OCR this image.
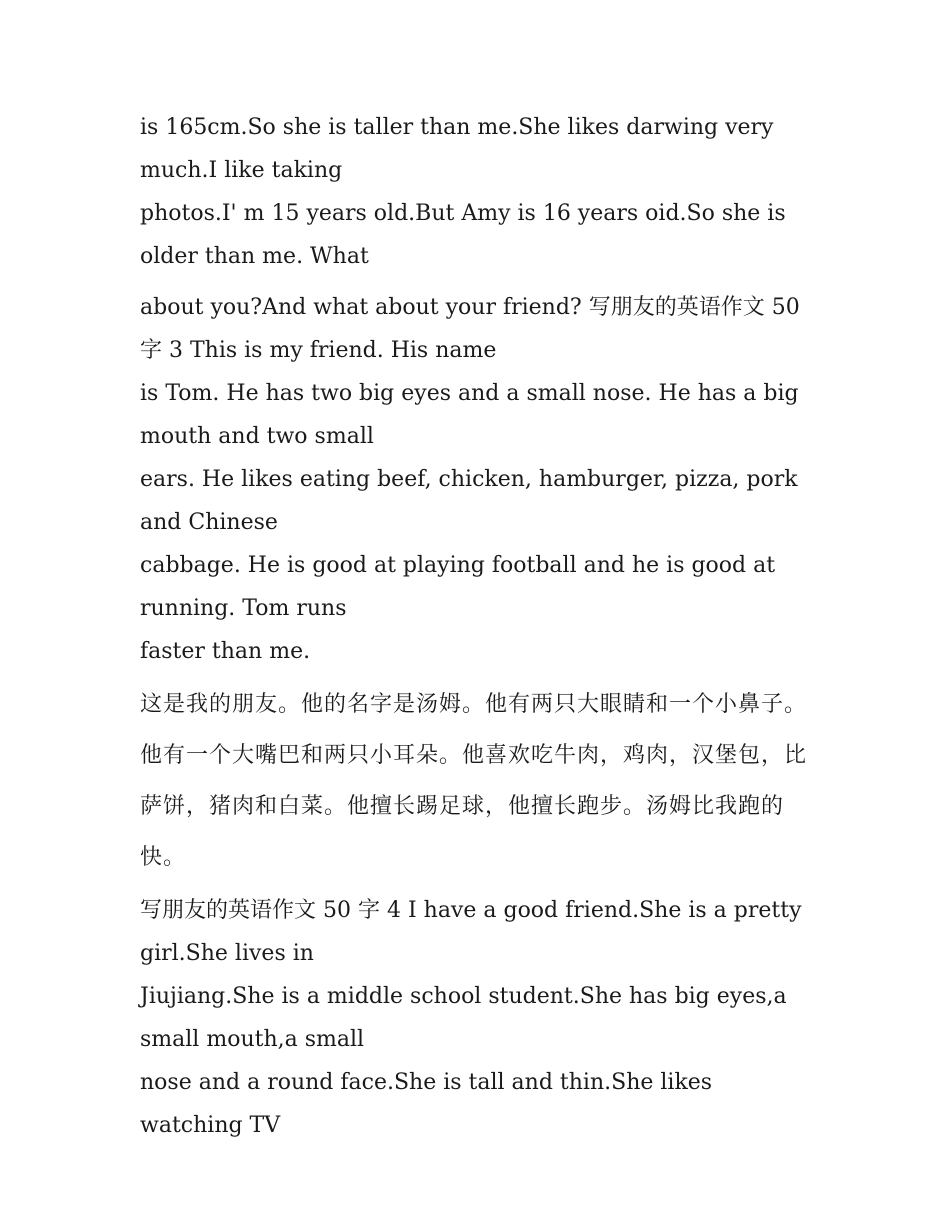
is 165cm.So she is taller than me.She likes darwing very much.I like taking

photos.I' m 15 years old.But Amy is 16 years oid.So she is older than me. What

about you?And what about your friend? 写朋友的英语作文 50 字 3 This is my friend. His name

is Tom. He has two big eyes and a small nose. He has a big mouth and two small

ears. He likes eating beef, chicken, hamburger, pizza, pork and Chinese

cabbage. He is good at playing football and he is good at running. Tom runs

faster than me.

这是我的朋友。他的名字是汤姆。他有两只大眼睛和一个小鼻子。他有一个大嘴巴和两只小耳朵。他喜欢吃牛肉，鸡肉，汉堡包，比萨饼，猪肉和白菜。他擅长踢足球，他擅长跑步。汤姆比我跑的快。

写朋友的英语作文 50 字 4 I have a good friend.She is a pretty girl.She lives in

Jiujiang.She is a middle school student.She has big eyes,a small mouth,a small

nose and a round face.She is tall and thin.She likes watching TV
